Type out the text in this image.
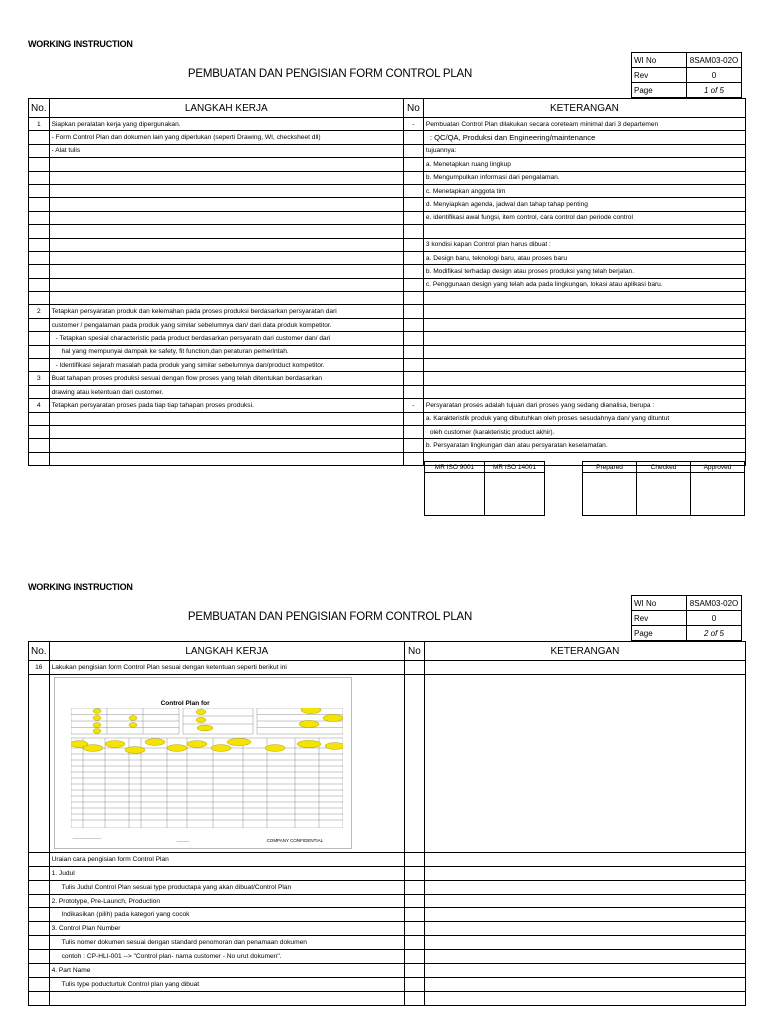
WORKING INSTRUCTION
PEMBUATAN DAN PENGISIAN FORM CONTROL PLAN
WI No	8SAM03-02O
Rev	0
Page	1 of 5
No.	LANGKAH KERJA	No	KETERANGAN
1	Siapkan peralatan kerja yang dipergunakan.	-	Pembuatan Control Plan dilakukan secara coreteam minimal dari 3 departemen
	- Form Control Plan dan dokumen lain yang diperlukan (seperti Drawing, WI, checksheet dll)		: QC/QA, Produksi dan Engineering/maintenance
	- Alat tulis		tujuannya:
			a. Menetapkan ruang lingkup
			b. Mengumpulkan informasi dari pengalaman.
			c. Menetapkan anggota tim
			d. Menyiapkan agenda, jadwal dan tahap tahap penting
			e. identifikasi awal fungsi, item control, cara control dan periode control

			3 kondisi kapan Control plan harus dibuat :
			a. Design baru, teknologi baru, atau proses baru
			b. Modifikasi terhadap design atau proses produksi yang telah berjalan.
			c. Penggunaan design yang telah ada pada lingkungan, lokasi atau aplikasi baru.

2	Tetapkan persyaratan produk dan kelemahan pada proses produksi berdasarkan persyaratan dari		
	customer / pengalaman pada produk yang similar sebelumnya dan/ dari data produk kompetitor.		
	- Tetapkan spesial characteristic pada product berdasarkan persyaratn dari customer dan/ dari		
	hal yang mempunyai dampak ke safety, fit function,dan peraturan pemerintah.		
	- Identifikasi sejarah masalah pada produk yang similar sebelumnya dan/product kompetitor.		
3	Buat tahapan proses produksi sesuai dengan flow proses yang telah ditentukan berdasarkan		
	drawing atau ketentuan dari customer.		
4	Tetapkan persyaratan proses pada tiap tiap tahapan proses produksi.	-	Persyaratan proses adalah tujuan dari proses yang sedang dianalisa, berupa :
			a. Karakteristik produk yang dibutuhkan oleh proses sesudahnya dan/ yang dituntut
			oleh customer (karakteristic product akhir).
			b. Persyaratan lingkungan dan atau persyaratan keselamatan.

MR ISO 9001	MR ISO 14001
		Prepared	Checked	Approved

WORKING INSTRUCTION
PEMBUATAN DAN PENGISIAN FORM CONTROL PLAN
WI No	8SAM03-02O
Rev	0
Page	2 of 5
No.	LANGKAH KERJA	No	KETERANGAN
16	Lakukan pengisian form Control Plan sesuai dengan ketentuan seperti berikut ini		

	Control Plan for
—————————
———— COMPANY CONFIDENTIAL		

	Uraian cara pengisian form Control Plan		
	1. Judul		
	Tulis Judul Control Plan sesuai type productapa yang akan dibuat/Control Plan		
	2. Prototype, Pre-Launch, Production		
	Indikasikan (pilih) pada kategori yang cocok		
	3. Control Plan Number		
	Tulis nomer dokumen sesuai dengan standard penomoran dan penamaan dokumen		
	contoh : CP-HLI-001 --> "Control plan- nama customer - No urut dokumen".		
	4. Part Name		
	Tulis type poducturtuk Control plan yang dibuat		
